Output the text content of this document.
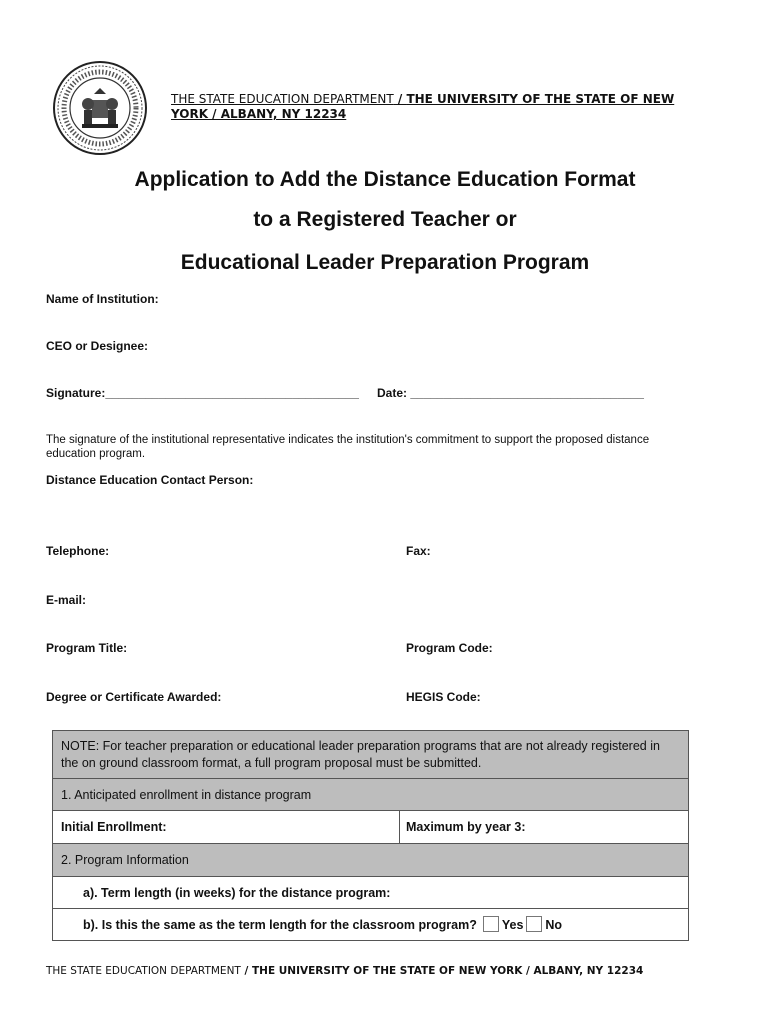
THE STATE EDUCATION DEPARTMENT / THE UNIVERSITY OF THE STATE OF NEW
YORK / ALBANY, NY 12234
Application to Add the Distance Education Format
to a Registered Teacher or
Educational Leader Preparation Program
Name of Institution:
CEO or Designee:
Signature:______________________________________ Date: ___________________________________
The signature of the institutional representative indicates the institution's commitment to support the proposed distance education program.
Distance Education Contact Person:
Telephone:	Fax:
E-mail:
Program Title:	Program Code:
Degree or Certificate Awarded:	HEGIS Code:
NOTE: For teacher preparation or educational leader preparation programs that are not already registered in the on ground classroom format, a full program proposal must be submitted.
1. Anticipated enrollment in distance program
Initial Enrollment:	Maximum by year 3:
2. Program Information
a). Term length (in weeks) for the distance program:
b). Is this the same as the term length for the classroom program? Yes No
THE STATE EDUCATION DEPARTMENT / THE UNIVERSITY OF THE STATE OF NEW YORK / ALBANY, NY 12234
